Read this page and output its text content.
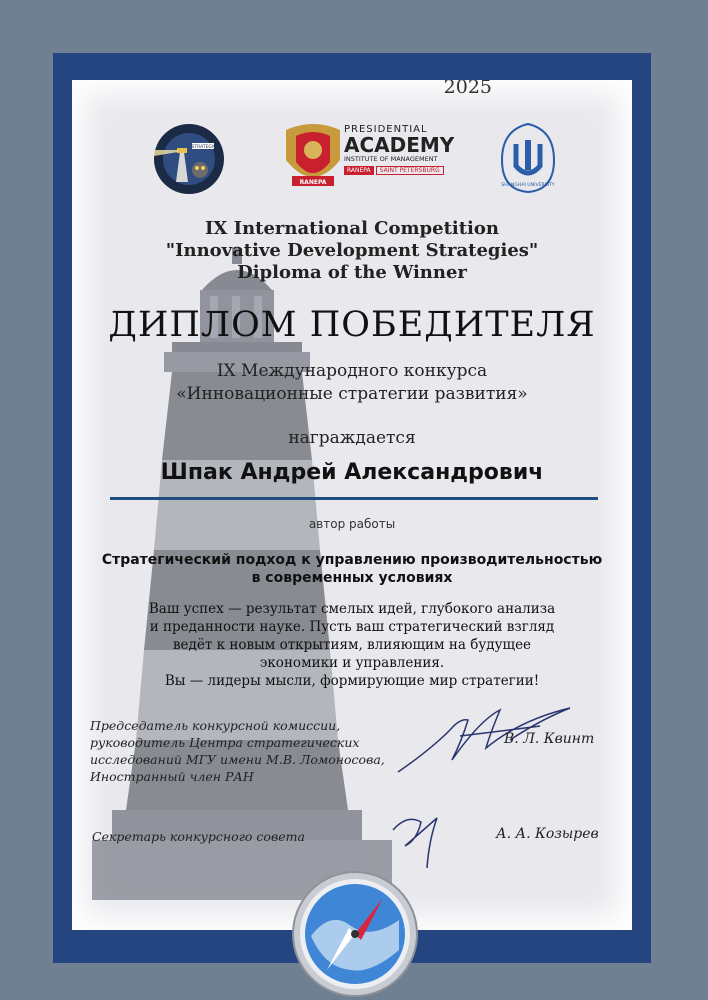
2025
STRATEGY
RANEPA
PRESIDENTIAL
ACADEMY
INSTITUTE OF MANAGEMENT
RANEPA	SAINT PETERSBURG
SHANGHAI UNIVERSITY
IX International Competition
"Innovative Development Strategies"
Diploma of the Winner
ДИПЛОМ ПОБЕДИТЕЛЯ
IX Международного конкурса
«Инновационные стратегии развития»
награждается
Шпак Андрей Александрович
автор работы
Стратегический подход к управлению производительностью
в современных условиях
Ваш успех — результат смелых идей, глубокого анализа
и преданности науке. Пусть ваш стратегический взгляд
ведёт к новым открытиям, влияющим на будущее
экономики и управления.
Вы — лидеры мысли, формирующие мир стратегии!
Председатель конкурсной комиссии,
руководитель Центра стратегических
исследований МГУ имени М.В. Ломоносова,
Иностранный член РАН
В. Л. Квинт
Секретарь конкурсного совета	А. А. Козырев
